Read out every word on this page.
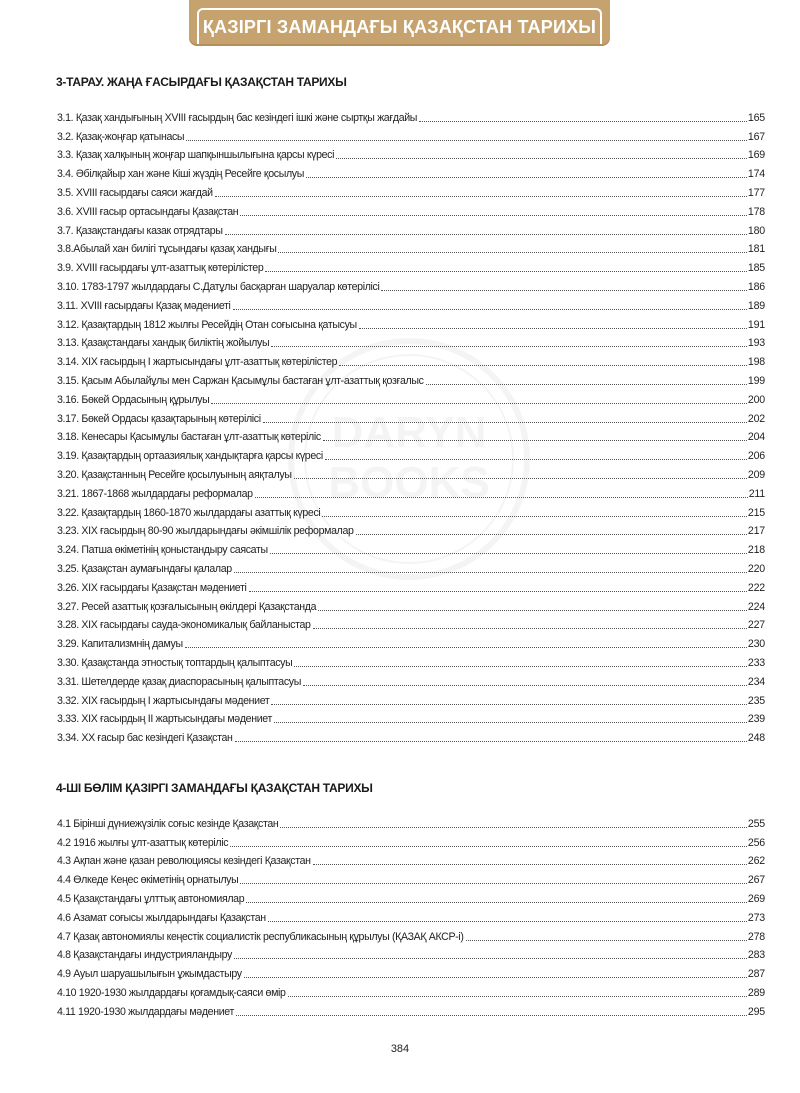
ҚАЗІРГІ ЗАМАНДАҒЫ ҚАЗАҚСТАН ТАРИХЫ
DARYN
BOOKS
3-ТАРАУ. ЖАҢА ҒАСЫРДАҒЫ ҚАЗАҚСТАН ТАРИХЫ
3.1. Қазақ хандығының XVIII ғасырдың бас кезіндегі ішкі және сыртқы жағдайы	165
3.2. Қазақ-жоңғар қатынасы	167
3.3. Қазақ халқының жоңғар шапқыншылығына қарсы күресі	169
3.4. Әбілқайыр хан және Кіші жүздің Ресейге қосылуы	174
3.5. XVIII ғасырдағы саяси жағдай	177
3.6. XVIII ғасыр ортасындағы Қазақстан	178
3.7. Қазақстандағы казак отрядтары	180
3.8.Абылай хан билігі тұсындағы қазақ хандығы	181
3.9. XVIII ғасырдағы ұлт-азаттық көтерілістер	185
3.10. 1783-1797 жылдардағы С.Датұлы басқарған шаруалар көтерілісі	186
3.11. XVIII ғасырдағы Қазақ мәдениеті	189
3.12. Қазақтардың 1812 жылғы Ресейдің Отан соғысына қатысуы	191
3.13. Қазақстандағы хандық биліктің жойылуы	193
3.14. XIX ғасырдың I жартысындағы ұлт-азаттық көтерілістер	198
3.15. Қасым Абылайұлы мен Саржан Қасымұлы бастаған ұлт-азаттық қозғалыс	199
3.16. Бөкей Ордасының құрылуы	200
3.17. Бөкей Ордасы қазақтарының көтерілісі	202
3.18. Кенесары Қасымұлы бастаған ұлт-азаттық көтеріліс	204
3.19. Қазақтардың ортаазиялық хандықтарға қарсы күресі	206
3.20. Қазақстанның Ресейге қосылуының аяқталуы	209
3.21. 1867-1868 жылдардағы реформалар	211
3.22. Қазақтардың 1860-1870 жылдардағы азаттық күресі	215
3.23. XIX ғасырдың 80-90 жылдарындағы әкімшілік реформалар	217
3.24. Патша өкіметінің қоныстандыру саясаты	218
3.25. Қазақстан аумағындағы қалалар	220
3.26. XIX ғасырдағы Қазақстан мәдениеті	222
3.27. Ресей азаттық қозғалысының өкілдері Қазақстанда	224
3.28. XIX ғасырдағы сауда-экономикалық байланыстар	227
3.29. Капитализмнің дамуы	230
3.30. Қазақстанда этностық топтардың қалыптасуы	233
3.31. Шетелдерде қазақ диаспорасының қалыптасуы	234
3.32. XIX ғасырдың I жартысындағы мәдениет	235
3.33. XIX ғасырдың II жартысындағы мәдениет	239
3.34. XX ғасыр бас кезіндегі Қазақстан	248
4-ШІ БӨЛІМ ҚАЗІРГІ ЗАМАНДАҒЫ ҚАЗАҚСТАН ТАРИХЫ
4.1 Бірінші дүниежүзілік соғыс кезінде Қазақстан	255
4.2 1916 жылғы ұлт-азаттық көтеріліс	256
4.3 Ақпан және қазан революциясы кезіндегі Қазақстан	262
4.4 Өлкеде Кеңес өкіметінің орнатылуы	267
4.5 Қазақстандағы ұлттық автономиялар	269
4.6 Азамат соғысы жылдарындағы Қазақстан	273
4.7 Қазақ автономиялы кеңестік социалистік республикасының құрылуы (ҚАЗАҚ АКСР-і)	278
4.8 Қазақстандағы индустрияландыру	283
4.9 Ауыл шаруашылығын ұжымдастыру	287
4.10 1920-1930 жылдардағы қоғамдық-саяси өмір	289
4.11 1920-1930 жылдардағы мәдениет	295
384
